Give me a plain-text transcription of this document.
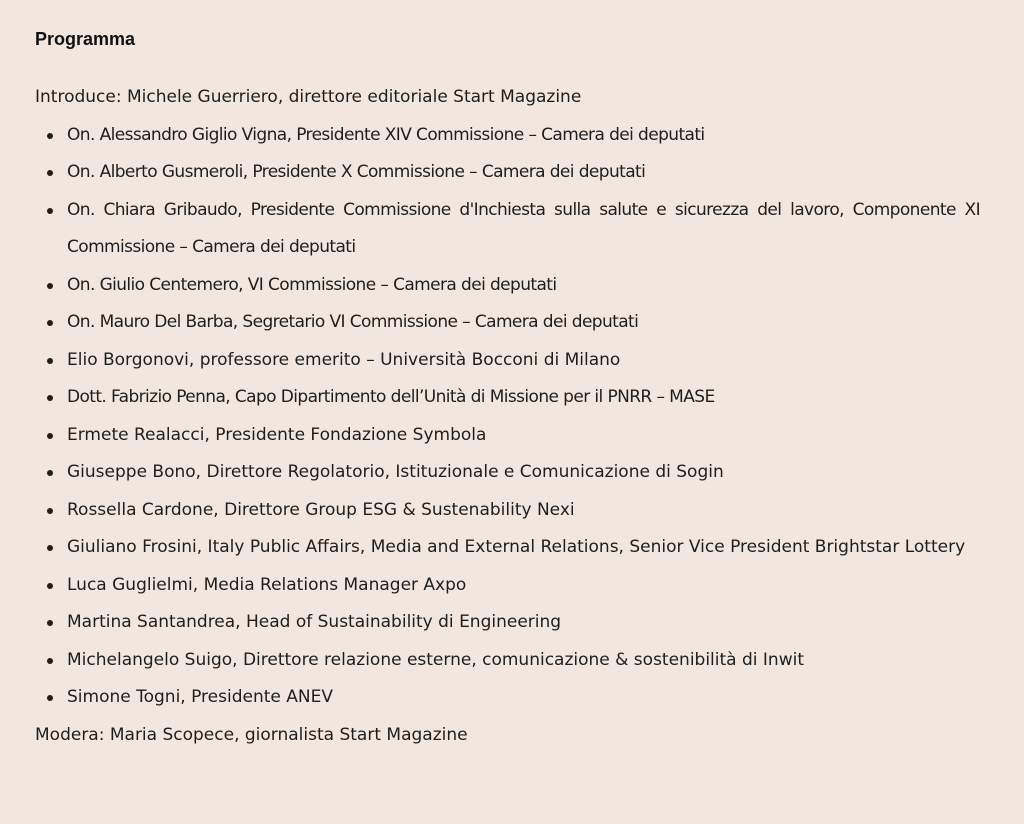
Programma

Introduce: Michele Guerriero, direttore editoriale Start Magazine

On. Alessandro Giglio Vigna, Presidente XIV Commissione – Camera dei deputati
On. Alberto Gusmeroli, Presidente X Commissione – Camera dei deputati
On. Chiara Gribaudo, Presidente Commissione d'Inchiesta sulla salute e sicurezza del lavoro, Componente XI Commissione – Camera dei deputati
On. Giulio Centemero, VI Commissione – Camera dei deputati
On. Mauro Del Barba, Segretario VI Commissione – Camera dei deputati
Elio Borgonovi, professore emerito – Università Bocconi di Milano
Dott. Fabrizio Penna, Capo Dipartimento dell’Unità di Missione per il PNRR – MASE
Ermete Realacci, Presidente Fondazione Symbola
Giuseppe Bono, Direttore Regolatorio, Istituzionale e Comunicazione di Sogin
Rossella Cardone, Direttore Group ESG & Sustenability Nexi
Giuliano Frosini, Italy Public Affairs, Media and External Relations, Senior Vice President Brightstar Lottery
Luca Guglielmi, Media Relations Manager Axpo
Martina Santandrea, Head of Sustainability di Engineering
Michelangelo Suigo, Direttore relazione esterne, comunicazione & sostenibilità di Inwit
Simone Togni, Presidente ANEV

Modera: Maria Scopece, giornalista Start Magazine
